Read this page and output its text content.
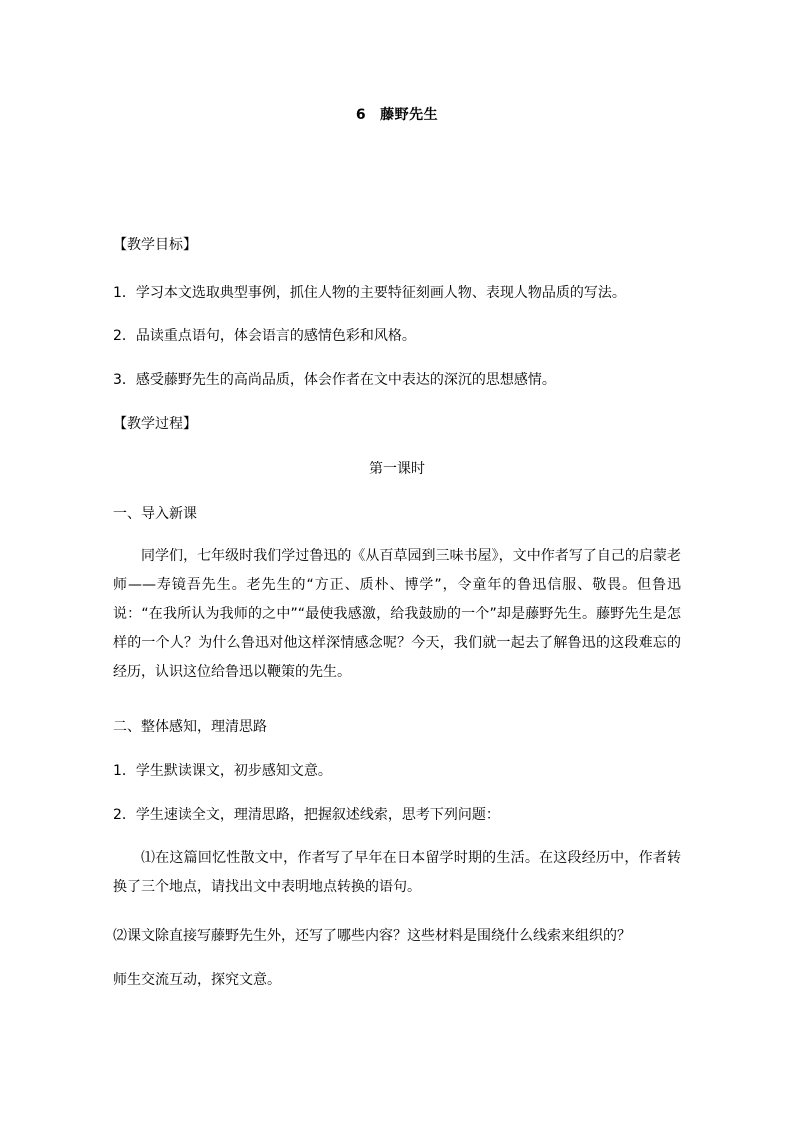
6 藤野先生
【教学目标】
1．学习本文选取典型事例，抓住人物的主要特征刻画人物、表现人物品质的写法。
2．品读重点语句，体会语言的感情色彩和风格。
3．感受藤野先生的高尚品质，体会作者在文中表达的深沉的思想感情。
【教学过程】
第一课时
一、导入新课
同学们，七年级时我们学过鲁迅的《从百草园到三味书屋》，文中作者写了自己的启蒙老师——寿镜吾先生。老先生的“方正、质朴、博学”，令童年的鲁迅信服、敬畏。但鲁迅说：“在我所认为我师的之中”“最使我感激，给我鼓励的一个”却是藤野先生。藤野先生是怎样的一个人？为什么鲁迅对他这样深情感念呢？今天，我们就一起去了解鲁迅的这段难忘的经历，认识这位给鲁迅以鞭策的先生。
二、整体感知，理清思路
1．学生默读课文，初步感知文意。
2．学生速读全文，理清思路，把握叙述线索，思考下列问题：
⑴在这篇回忆性散文中，作者写了早年在日本留学时期的生活。在这段经历中，作者转换了三个地点，请找出文中表明地点转换的语句。
⑵课文除直接写藤野先生外，还写了哪些内容？这些材料是围绕什么线索来组织的？
师生交流互动，探究文意。
